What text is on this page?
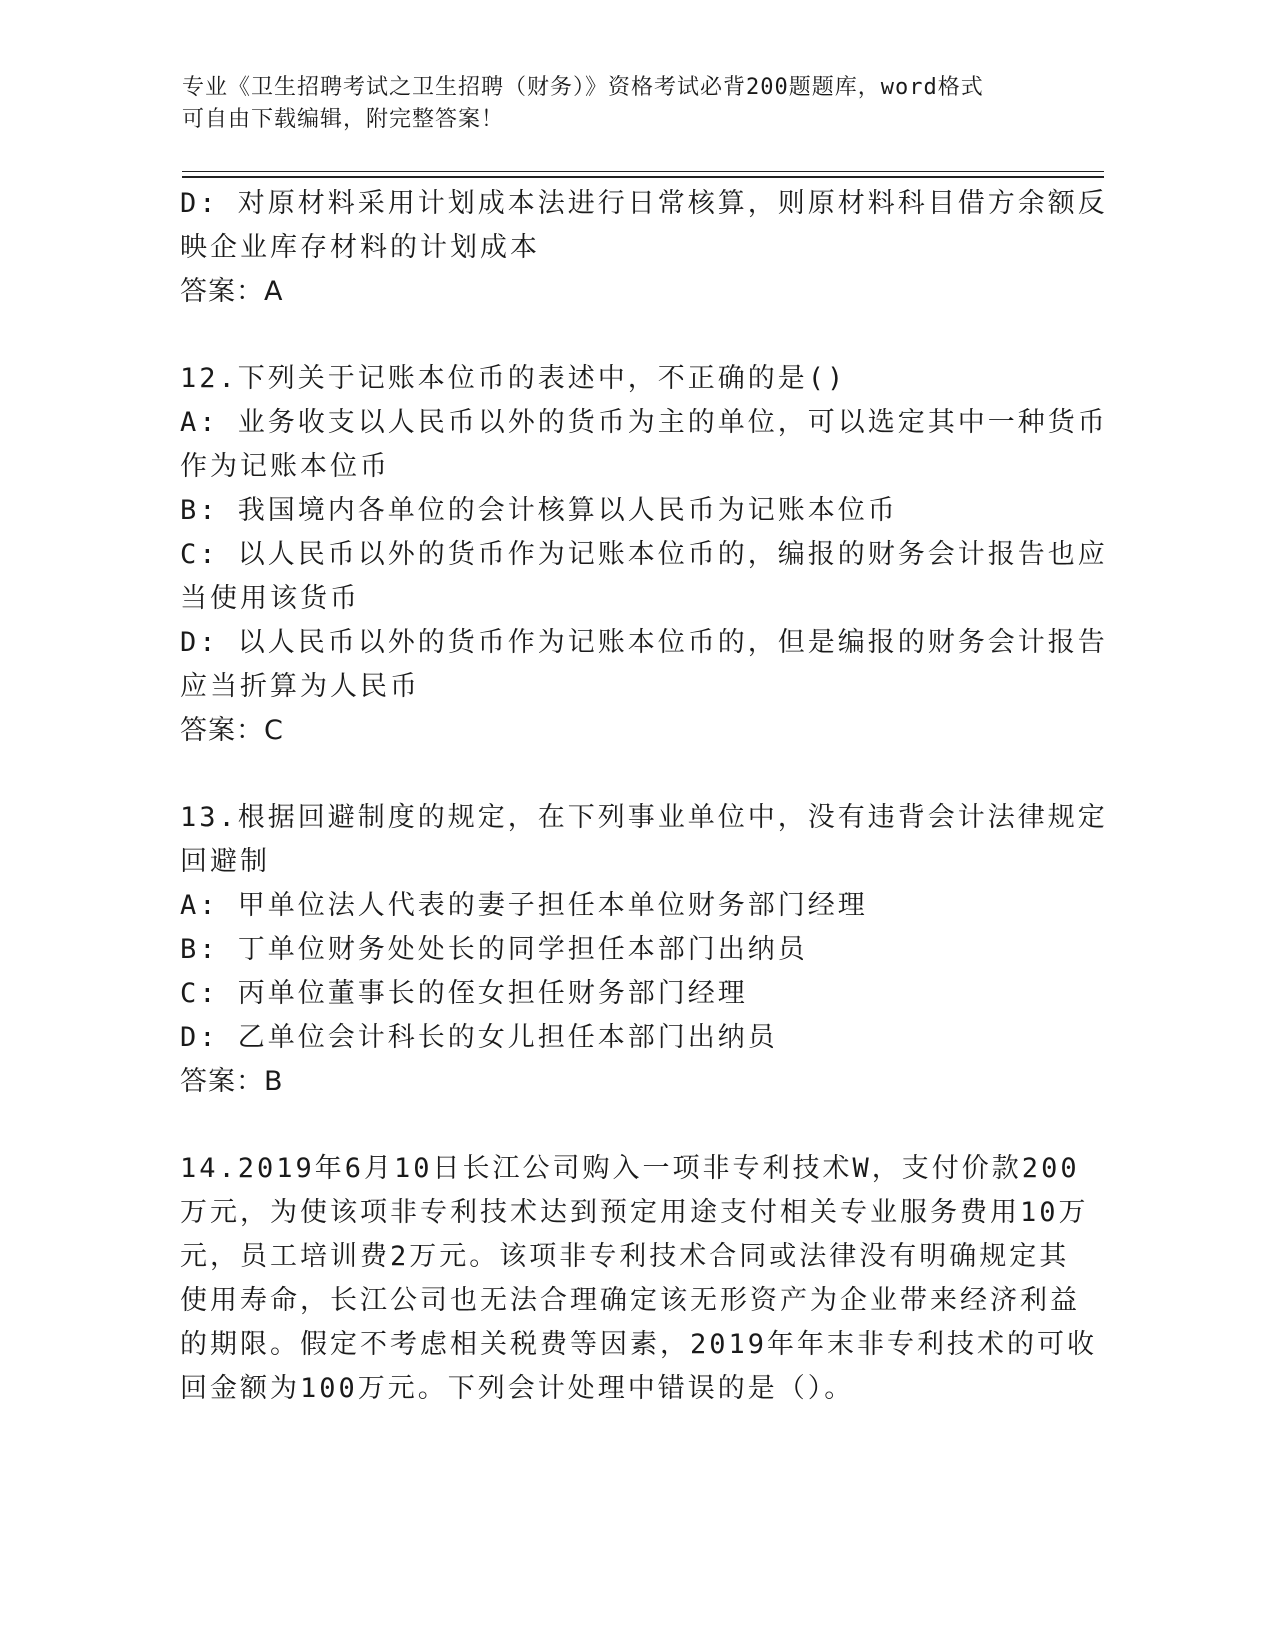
专业《卫生招聘考试之卫生招聘（财务）》资格考试必背200题题库，word格式
可自由下载编辑，附完整答案！
D: 对原材料采用计划成本法进行日常核算，则原材料科目借方余额反
映企业库存材料的计划成本
答案：A
12.下列关于记账本位币的表述中，不正确的是()
A: 业务收支以人民币以外的货币为主的单位，可以选定其中一种货币
作为记账本位币
B: 我国境内各单位的会计核算以人民币为记账本位币
C: 以人民币以外的货币作为记账本位币的，编报的财务会计报告也应
当使用该货币
D: 以人民币以外的货币作为记账本位币的，但是编报的财务会计报告
应当折算为人民币
答案：C
13.根据回避制度的规定，在下列事业单位中，没有违背会计法律规定
回避制
A: 甲单位法人代表的妻子担任本单位财务部门经理
B: 丁单位财务处处长的同学担任本部门出纳员
C: 丙单位董事长的侄女担任财务部门经理
D: 乙单位会计科长的女儿担任本部门出纳员
答案：B
14.2019年6月10日长江公司购入一项非专利技术W，支付价款200
万元，为使该项非专利技术达到预定用途支付相关专业服务费用10万
元，员工培训费2万元。该项非专利技术合同或法律没有明确规定其
使用寿命，长江公司也无法合理确定该无形资产为企业带来经济利益
的期限。假定不考虑相关税费等因素，2019年年末非专利技术的可收
回金额为100万元。下列会计处理中错误的是（）。
